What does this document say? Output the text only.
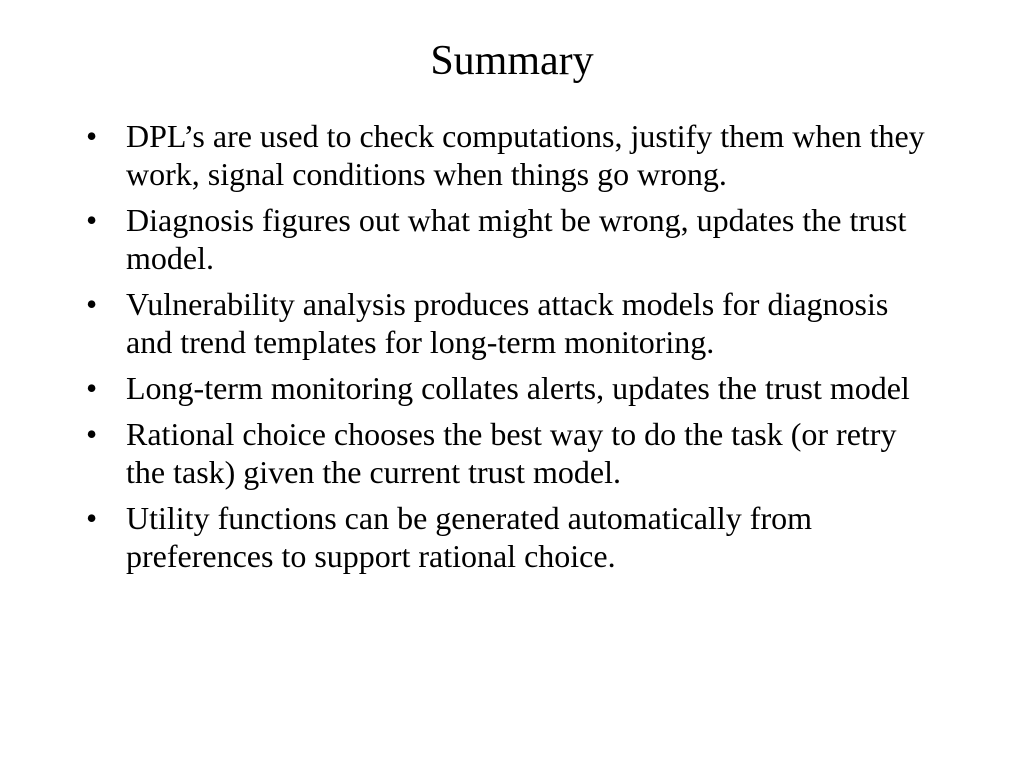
Summary
• DPL’s are used to check computations, justify them when they work, signal conditions when things go wrong.
• Diagnosis figures out what might be wrong, updates the trust model.
• Vulnerability analysis produces attack models for diagnosis and trend templates for long-term monitoring.
• Long-term monitoring collates alerts, updates the trust model
• Rational choice chooses the best way to do the task (or retry the task) given the current trust model.
• Utility functions can be generated automatically from preferences to support rational choice.
